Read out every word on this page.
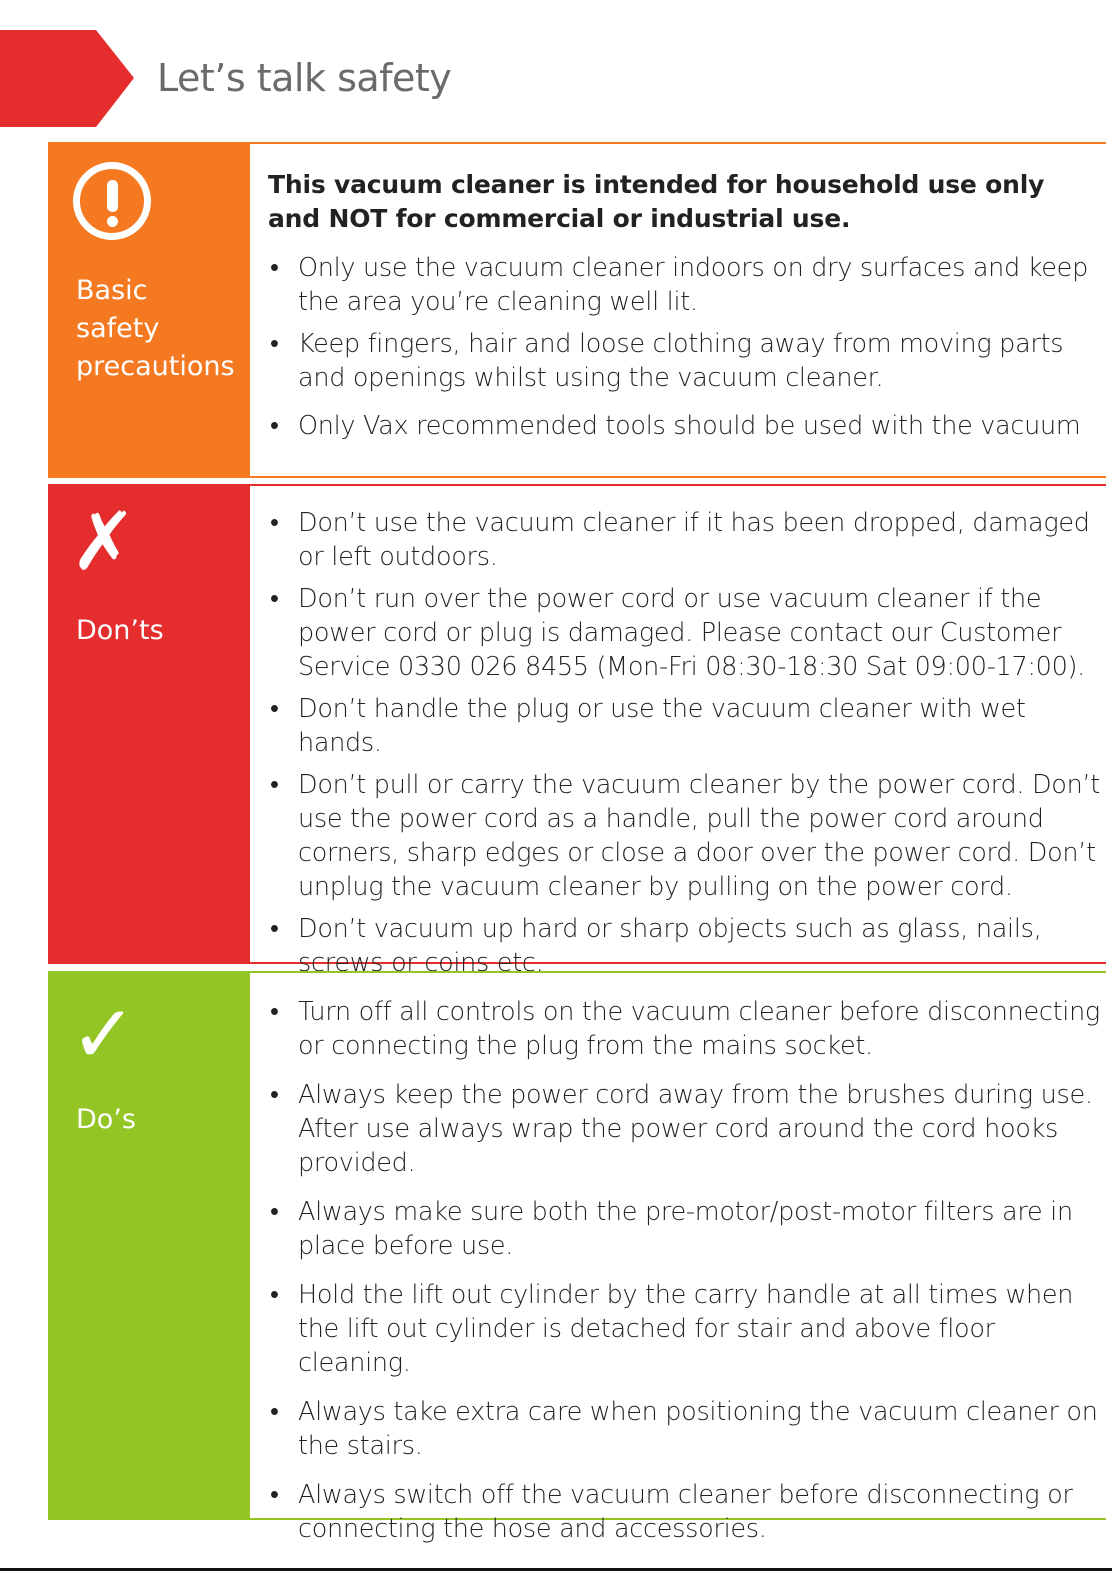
Let’s talk safety
Basic
safety
precautions
This vacuum cleaner is intended for household use only and NOT for commercial or industrial use.
• Only use the vacuum cleaner indoors on dry surfaces and keep the area you’re cleaning well lit.
• Keep fingers, hair and loose clothing away from moving parts and openings whilst using the vacuum cleaner.
• Only Vax recommended tools should be used with the vacuum
✗
Don’ts
• Don’t use the vacuum cleaner if it has been dropped, damaged or left outdoors.
• Don’t run over the power cord or use vacuum cleaner if the power cord or plug is damaged. Please contact our Customer Service 0330 026 8455 (Mon-Fri 08:30-18:30 Sat 09:00-17:00).
• Don’t handle the plug or use the vacuum cleaner with wet hands.
• Don’t pull or carry the vacuum cleaner by the power cord. Don’t use the power cord as a handle, pull the power cord around corners, sharp edges or close a door over the power cord. Don’t unplug the vacuum cleaner by pulling on the power cord.
• Don’t vacuum up hard or sharp objects such as glass, nails, screws or coins etc.
✓
Do’s
• Turn off all controls on the vacuum cleaner before disconnecting or connecting the plug from the mains socket.
• Always keep the power cord away from the brushes during use. After use always wrap the power cord around the cord hooks provided.
• Always make sure both the pre-motor/post-motor filters are in place before use.
• Hold the lift out cylinder by the carry handle at all times when the lift out cylinder is detached for stair and above floor cleaning.
• Always take extra care when positioning the vacuum cleaner on the stairs.
• Always switch off the vacuum cleaner before disconnecting or connecting the hose and accessories.
